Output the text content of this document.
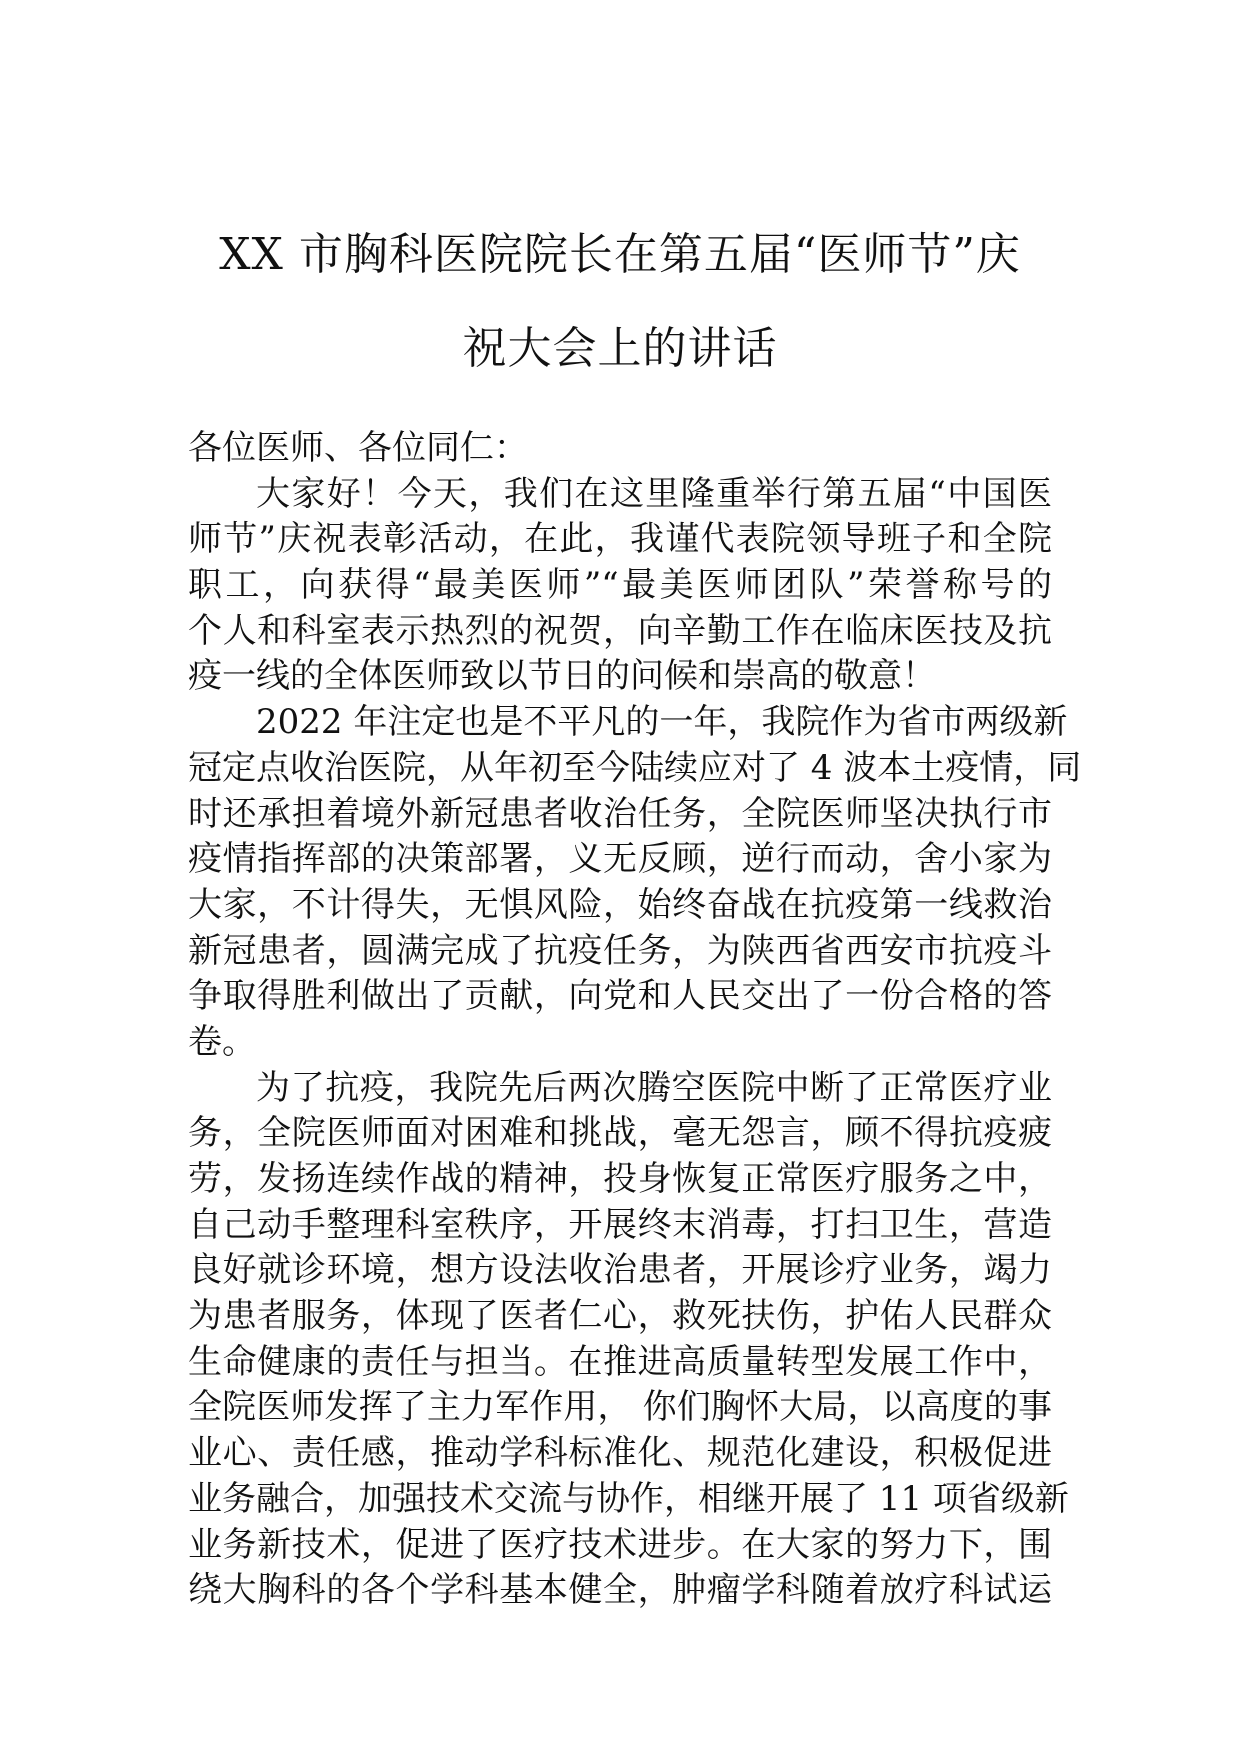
XX 市胸科医院院长在第五届“医师节”庆
祝大会上的讲话
各位医师、各位同仁：
大家好！今天，我们在这里隆重举行第五届“中国医
师节”庆祝表彰活动，在此，我谨代表院领导班子和全院
职工，向获得“最美医师”“最美医师团队”荣誉称号的
个人和科室表示热烈的祝贺，向辛勤工作在临床医技及抗
疫一线的全体医师致以节日的问候和崇高的敬意！
2022 年注定也是不平凡的一年，我院作为省市两级新
冠定点收治医院，从年初至今陆续应对了 4 波本土疫情，同
时还承担着境外新冠患者收治任务，全院医师坚决执行市
疫情指挥部的决策部署，义无反顾，逆行而动，舍小家为
大家，不计得失，无惧风险，始终奋战在抗疫第一线救治
新冠患者，圆满完成了抗疫任务，为陕西省西安市抗疫斗
争取得胜利做出了贡献，向党和人民交出了一份合格的答
卷。
为了抗疫，我院先后两次腾空医院中断了正常医疗业
务，全院医师面对困难和挑战，毫无怨言，顾不得抗疫疲
劳，发扬连续作战的精神，投身恢复正常医疗服务之中，
自己动手整理科室秩序，开展终末消毒，打扫卫生，营造
良好就诊环境，想方设法收治患者，开展诊疗业务，竭力
为患者服务，体现了医者仁心，救死扶伤，护佑人民群众
生命健康的责任与担当。在推进高质量转型发展工作中，
全院医师发挥了主力军作用， 你们胸怀大局，以高度的事
业心、责任感，推动学科标准化、规范化建设，积极促进
业务融合，加强技术交流与协作，相继开展了 11 项省级新
业务新技术，促进了医疗技术进步。在大家的努力下，围
绕大胸科的各个学科基本健全，肿瘤学科随着放疗科试运
